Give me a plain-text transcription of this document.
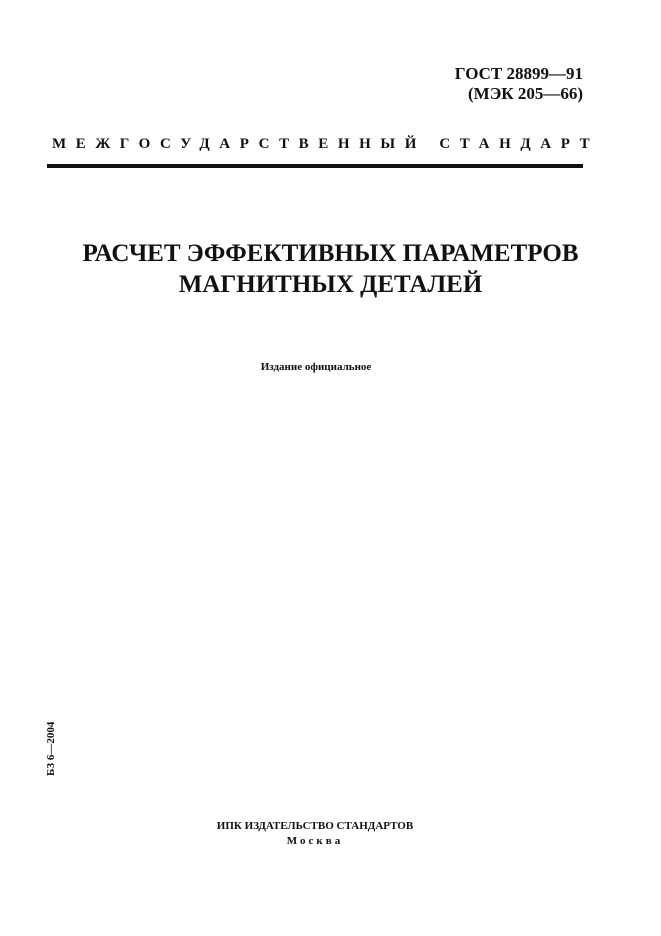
ГОСТ 28899—91
(МЭК 205—66)
МЕЖГОСУДАРСТВЕННЫЙ СТАНДАРТ
РАСЧЕТ ЭФФЕКТИВНЫХ ПАРАМЕТРОВ
МАГНИТНЫХ ДЕТАЛЕЙ
Издание официальное
БЗ 6—2004
ИПК ИЗДАТЕЛЬСТВО СТАНДАРТОВ
Москва
